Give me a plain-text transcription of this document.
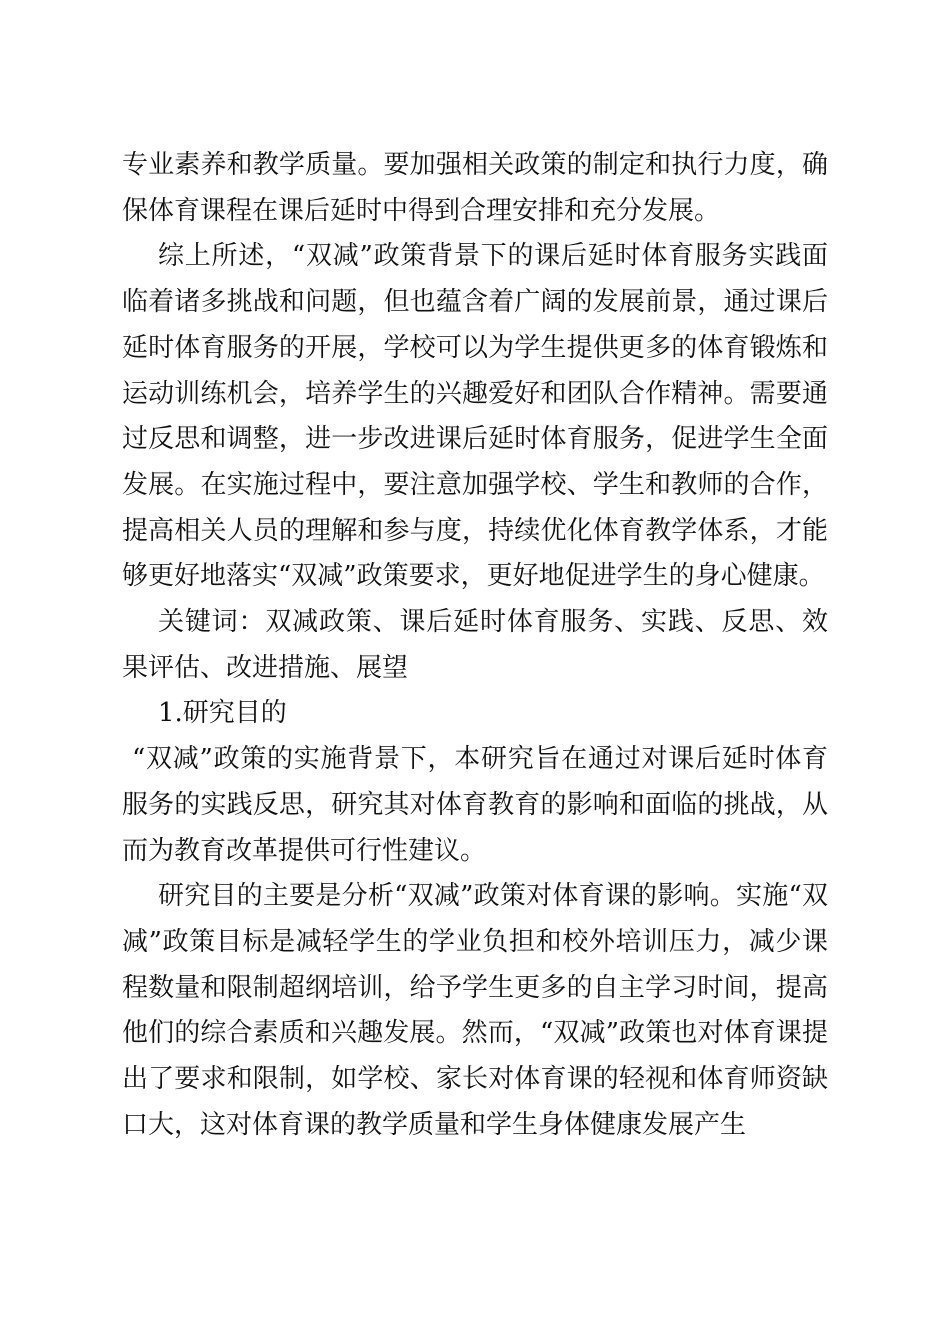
专业素养和教学质量。要加强相关政策的制定和执行力度，确保体育课程在课后延时中得到合理安排和充分发展。

综上所述，“双减”政策背景下的课后延时体育服务实践面临着诸多挑战和问题，但也蕴含着广阔的发展前景，通过课后延时体育服务的开展，学校可以为学生提供更多的体育锻炼和运动训练机会，培养学生的兴趣爱好和团队合作精神。需要通过反思和调整，进一步改进课后延时体育服务，促进学生全面发展。在实施过程中，要注意加强学校、学生和教师的合作，提高相关人员的理解和参与度，持续优化体育教学体系，才能够更好地落实“双减”政策要求，更好地促进学生的身心健康。

关键词：双减政策、课后延时体育服务、实践、反思、效果评估、改进措施、展望

1.研究目的

“双减”政策的实施背景下，本研究旨在通过对课后延时体育服务的实践反思，研究其对体育教育的影响和面临的挑战，从而为教育改革提供可行性建议。

研究目的主要是分析“双减”政策对体育课的影响。实施“双减”政策目标是减轻学生的学业负担和校外培训压力，减少课程数量和限制超纲培训，给予学生更多的自主学习时间，提高他们的综合素质和兴趣发展。然而，“双减”政策也对体育课提出了要求和限制，如学校、家长对体育课的轻视和体育师资缺口大，这对体育课的教学质量和学生身体健康发展产生
